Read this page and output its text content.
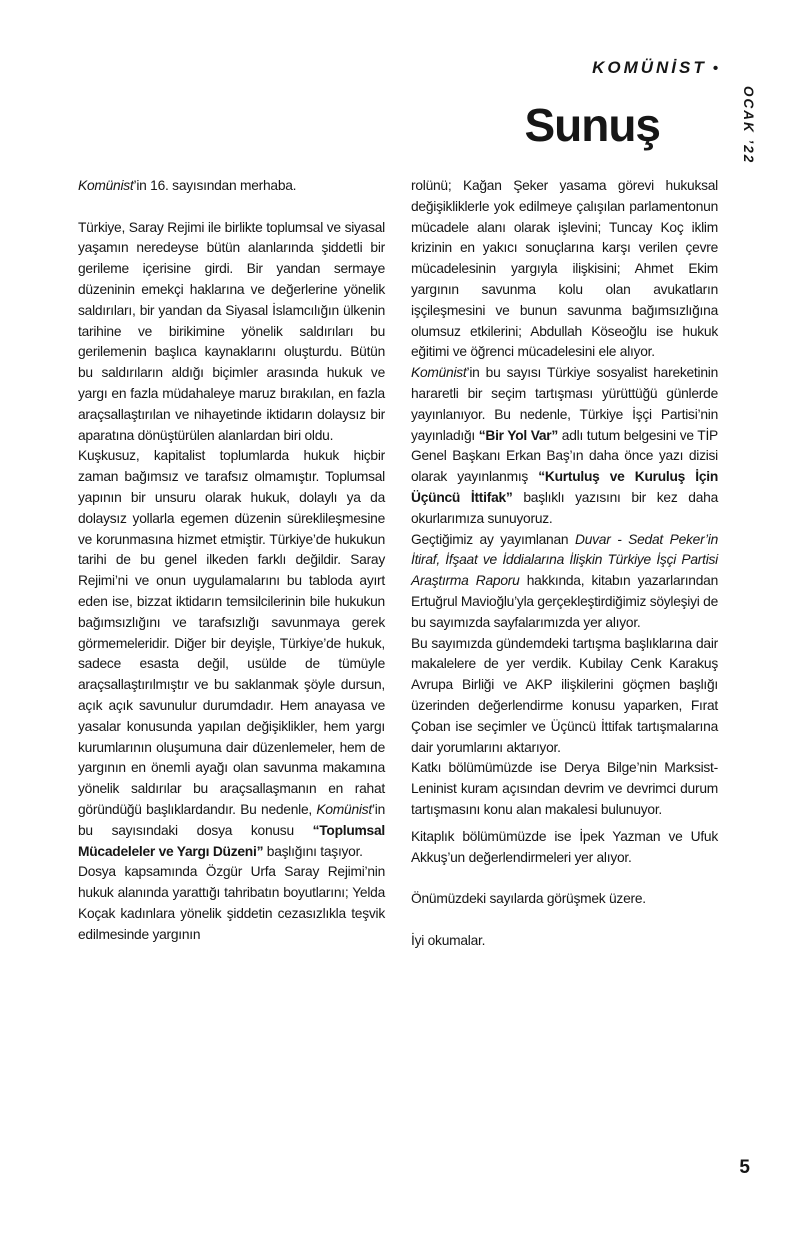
KOMÜNİST •
OCAK ’22
Sunuş

Komünist’in 16. sayısından merhaba.

Türkiye, Saray Rejimi ile birlikte toplumsal ve siyasal yaşamın neredeyse bütün alanlarında şiddetli bir gerileme içerisine girdi. Bir yandan sermaye düzeninin emekçi haklarına ve değerlerine yönelik saldırıları, bir yandan da Siyasal İslamcılığın ülkenin tarihine ve birikimine yönelik saldırıları bu gerilemenin başlıca kaynaklarını oluşturdu. Bütün bu saldırıların aldığı biçimler arasında hukuk ve yargı en fazla müdahaleye maruz bırakılan, en fazla araçsallaştırılan ve nihayetinde iktidarın dolaysız bir aparatına dönüştürülen alanlardan biri oldu.

Kuşkusuz, kapitalist toplumlarda hukuk hiçbir zaman bağımsız ve tarafsız olmamıştır. Toplumsal yapının bir unsuru olarak hukuk, dolaylı ya da dolaysız yollarla egemen düzenin süreklileşmesine ve korunmasına hizmet etmiştir. Türkiye’de hukukun tarihi de bu genel ilkeden farklı değildir. Saray Rejimi’ni ve onun uygulamalarını bu tabloda ayırt eden ise, bizzat iktidarın temsilcilerinin bile hukukun bağımsızlığını ve tarafsızlığı savunmaya gerek görmemeleridir. Diğer bir deyişle, Türkiye’de hukuk, sadece esasta değil, usülde de tümüyle araçsallaştırılmıştır ve bu saklanmak şöyle dursun, açık açık savunulur durumdadır. Hem anayasa ve yasalar konusunda yapılan değişiklikler, hem yargı kurumlarının oluşumuna dair düzenlemeler, hem de yargının en önemli ayağı olan savunma makamına yönelik saldırılar bu araçsallaşmanın en rahat göründüğü başlıklardandır. Bu nedenle, Komünist’in bu sayısındaki dosya konusu “Toplumsal Mücadeleler ve Yargı Düzeni” başlığını taşıyor.

Dosya kapsamında Özgür Urfa Saray Rejimi’nin hukuk alanında yarattığı tahribatın boyutlarını; Yelda Koçak kadınlara yönelik şiddetin cezasızlıkla teşvik edilmesinde yargının

rolünü; Kağan Şeker yasama görevi hukuksal değişikliklerle yok edilmeye çalışılan parlamentonun mücadele alanı olarak işlevini; Tuncay Koç iklim krizinin en yakıcı sonuçlarına karşı verilen çevre mücadelesinin yargıyla ilişkisini; Ahmet Ekim yargının savunma kolu olan avukatların işçileşmesini ve bunun savunma bağımsızlığına olumsuz etkilerini; Abdullah Köseoğlu ise hukuk eğitimi ve öğrenci mücadelesini ele alıyor.

Komünist’in bu sayısı Türkiye sosyalist hareketinin hararetli bir seçim tartışması yürüttüğü günlerde yayınlanıyor. Bu nedenle, Türkiye İşçi Partisi’nin yayınladığı “Bir Yol Var” adlı tutum belgesini ve TİP Genel Başkanı Erkan Baş’ın daha önce yazı dizisi olarak yayınlanmış “Kurtuluş ve Kuruluş İçin Üçüncü İttifak” başlıklı yazısını bir kez daha okurlarımıza sunuyoruz.

Geçtiğimiz ay yayımlanan Duvar - Sedat Peker’in İtiraf, İfşaat ve İddialarına İlişkin Türkiye İşçi Partisi Araştırma Raporu hakkında, kitabın yazarlarından Ertuğrul Mavioğlu’yla gerçekleştirdiğimiz söyleşiyi de bu sayımızda sayfalarımızda yer alıyor.

Bu sayımızda gündemdeki tartışma başlıklarına dair makalelere de yer verdik. Kubilay Cenk Karakuş Avrupa Birliği ve AKP ilişkilerini göçmen başlığı üzerinden değerlendirme konusu yaparken, Fırat Çoban ise seçimler ve Üçüncü İttifak tartışmalarına dair yorumlarını aktarıyor.

Katkı bölümümüzde ise Derya Bilge’nin Marksist-Leninist kuram açısından devrim ve devrimci durum tartışmasını konu alan makalesi bulunuyor.

Kitaplık bölümümüzde ise İpek Yazman ve Ufuk Akkuş’un değerlendirmeleri yer alıyor.

Önümüzdeki sayılarda görüşmek üzere.

İyi okumalar.

5
